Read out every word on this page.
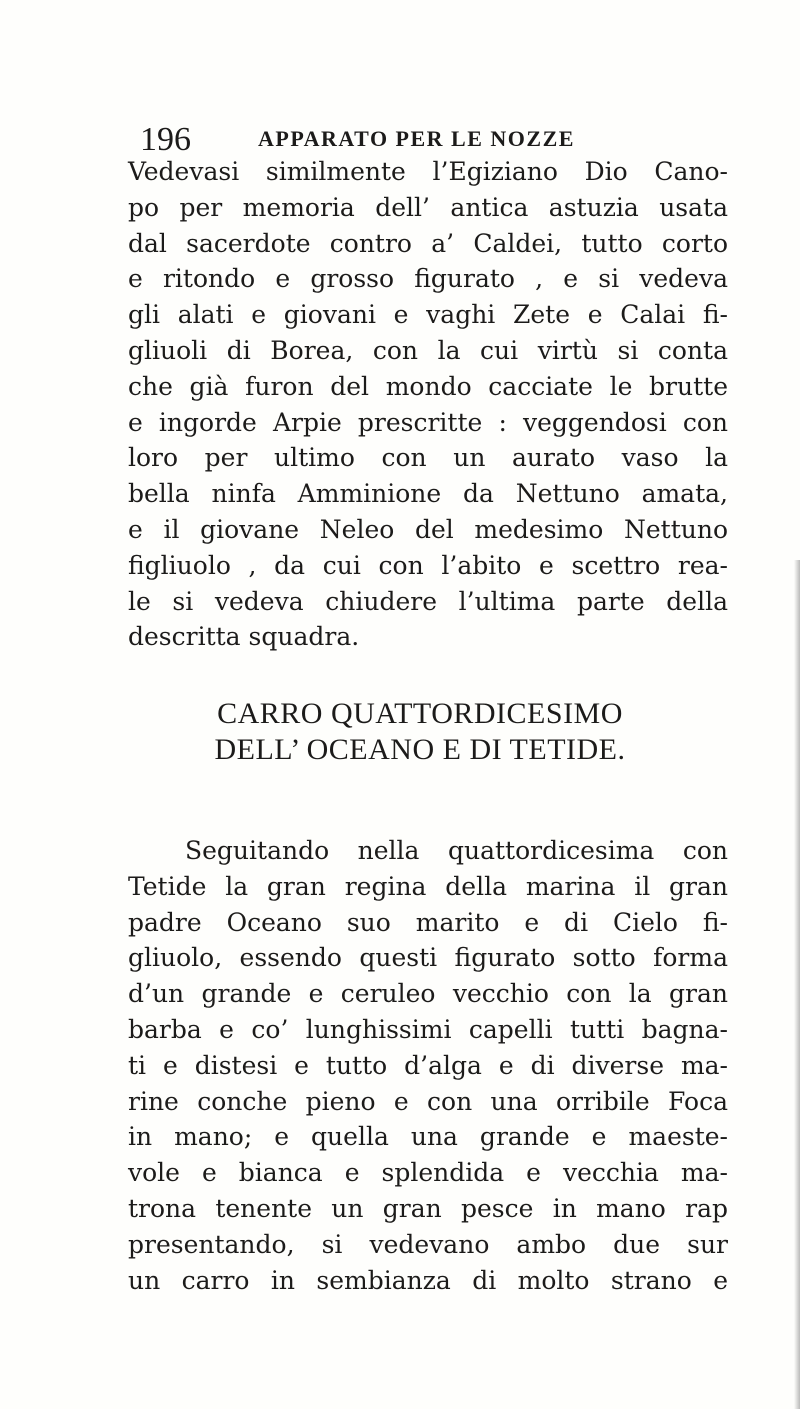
196	APPARATO PER LE NOZZE
Vedevasi similmente l’Egiziano Dio Cano-
po per memoria dell’ antica astuzia usata
dal sacerdote contro a’ Caldei, tutto corto
e ritondo e grosso figurato , e si vedeva
gli alati e giovani e vaghi Zete e Calai fi-
gliuoli di Borea, con la cui virtù si conta
che già furon del mondo cacciate le brutte
e ingorde Arpie prescritte : veggendosi con
loro per ultimo con un aurato vaso la
bella ninfa Amminione da Nettuno amata,
e il giovane Neleo del medesimo Nettuno
figliuolo , da cui con l’abito e scettro rea-
le si vedeva chiudere l’ultima parte della
descritta squadra.
CARRO QUATTORDICESIMO
DELL’ OCEANO E DI TETIDE.
Seguitando nella quattordicesima con
Tetide la gran regina della marina il gran
padre Oceano suo marito e di Cielo fi-
gliuolo, essendo questi figurato sotto forma
d’un grande e ceruleo vecchio con la gran
barba e co’ lunghissimi capelli tutti bagna-
ti e distesi e tutto d’alga e di diverse ma-
rine conche pieno e con una orribile Foca
in mano; e quella una grande e maeste-
vole e bianca e splendida e vecchia ma-
trona tenente un gran pesce in mano rap
presentando, si vedevano ambo due sur
un carro in sembianza di molto strano e
